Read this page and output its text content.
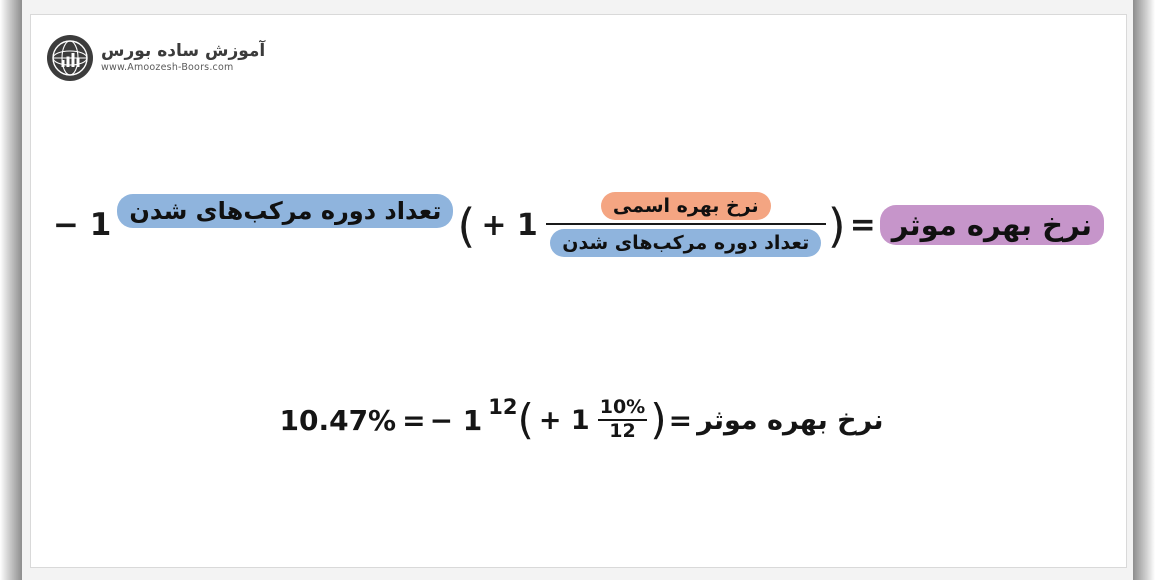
آموزش ساده بورس
www.Amoozesh-Boors.com
نرخ بهره موثر
=
(
$\frac{\text{نرخ بهره اسمی}}{\text{تعداد دوره مرکب‌های شدن}}$
+ 1
)
تعداد دوره مرکب‌های شدن
− 1
نرخ بهره موثر
=
(
$\frac{10\%}{12}$
+ 1
)
12
− 1
=
10.47%
